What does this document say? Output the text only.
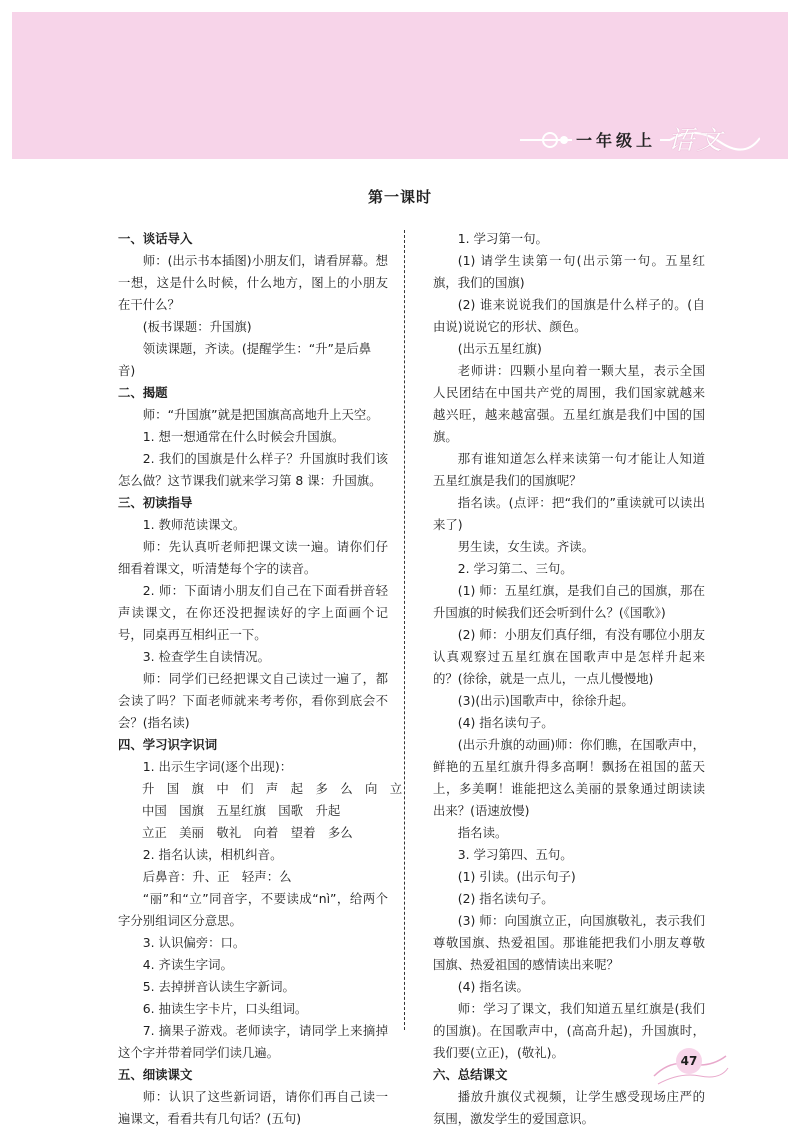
一年级上 语文
第一课时

一、谈话导入

师：(出示书本插图)小朋友们，请看屏幕。想一想，这是什么时候，什么地方，图上的小朋友在干什么？

(板书课题：升国旗)

领读课题，齐读。(提醒学生：“升”是后鼻音)

二、揭题

师：“升国旗”就是把国旗高高地升上天空。

1. 想一想通常在什么时候会升国旗。

2. 我们的国旗是什么样子？升国旗时我们该怎么做？这节课我们就来学习第 8 课：升国旗。

三、初读指导

1. 教师范读课文。

师：先认真听老师把课文读一遍。请你们仔细看着课文，听清楚每个字的读音。

2. 师：下面请小朋友们自己在下面看拼音轻声读课文，在你还没把握读好的字上面画个记号，同桌再互相纠正一下。

3. 检查学生自读情况。

师：同学们已经把课文自己读过一遍了，都会读了吗？下面老师就来考考你，看你到底会不会？(指名读)

四、学习识字识词

1. 出示生字词(逐个出现)：

升　国　旗　中　们　声　起　多　么　向　立

中国　国旗　五星红旗　国歌　升起

立正　美丽　敬礼　向着　望着　多么

2. 指名认读，相机纠音。

后鼻音：升、正　轻声：么

“丽”和“立”同音字，不要读成“nì”，给两个字分别组词区分意思。

3. 认识偏旁：口。

4. 齐读生字词。

5. 去掉拼音认读生字新词。

6. 抽读生字卡片，口头组词。

7. 摘果子游戏。老师读字，请同学上来摘掉这个字并带着同学们读几遍。

五、细读课文

师：认识了这些新词语，请你们再自己读一遍课文，看看共有几句话？(五句)

1. 学习第一句。

(1) 请学生读第一句(出示第一句。五星红旗，我们的国旗)

(2) 谁来说说我们的国旗是什么样子的。(自由说)说说它的形状、颜色。

(出示五星红旗)

老师讲：四颗小星向着一颗大星，表示全国人民团结在中国共产党的周围，我们国家就越来越兴旺，越来越富强。五星红旗是我们中国的国旗。

那有谁知道怎么样来读第一句才能让人知道五星红旗是我们的国旗呢？

指名读。(点评：把“我们的”重读就可以读出来了)

男生读，女生读。齐读。

2. 学习第二、三句。

(1) 师：五星红旗，是我们自己的国旗，那在升国旗的时候我们还会听到什么？(《国歌》)

(2) 师：小朋友们真仔细，有没有哪位小朋友认真观察过五星红旗在国歌声中是怎样升起来的？(徐徐，就是一点儿，一点儿慢慢地)

(3)(出示)国歌声中，徐徐升起。

(4) 指名读句子。

(出示升旗的动画)师：你们瞧，在国歌声中，鲜艳的五星红旗升得多高啊！飘扬在祖国的蓝天上，多美啊！谁能把这么美丽的景象通过朗读读出来？(语速放慢)

指名读。

3. 学习第四、五句。

(1) 引读。(出示句子)

(2) 指名读句子。

(3) 师：向国旗立正，向国旗敬礼，表示我们尊敬国旗、热爱祖国。那谁能把我们小朋友尊敬国旗、热爱祖国的感情读出来呢？

(4) 指名读。

师：学习了课文，我们知道五星红旗是(我们的国旗)。在国歌声中，(高高升起)，升国旗时，我们要(立正)，(敬礼)。

六、总结课文

播放升旗仪式视频，让学生感受现场庄严的氛围，激发学生的爱国意识。

47
